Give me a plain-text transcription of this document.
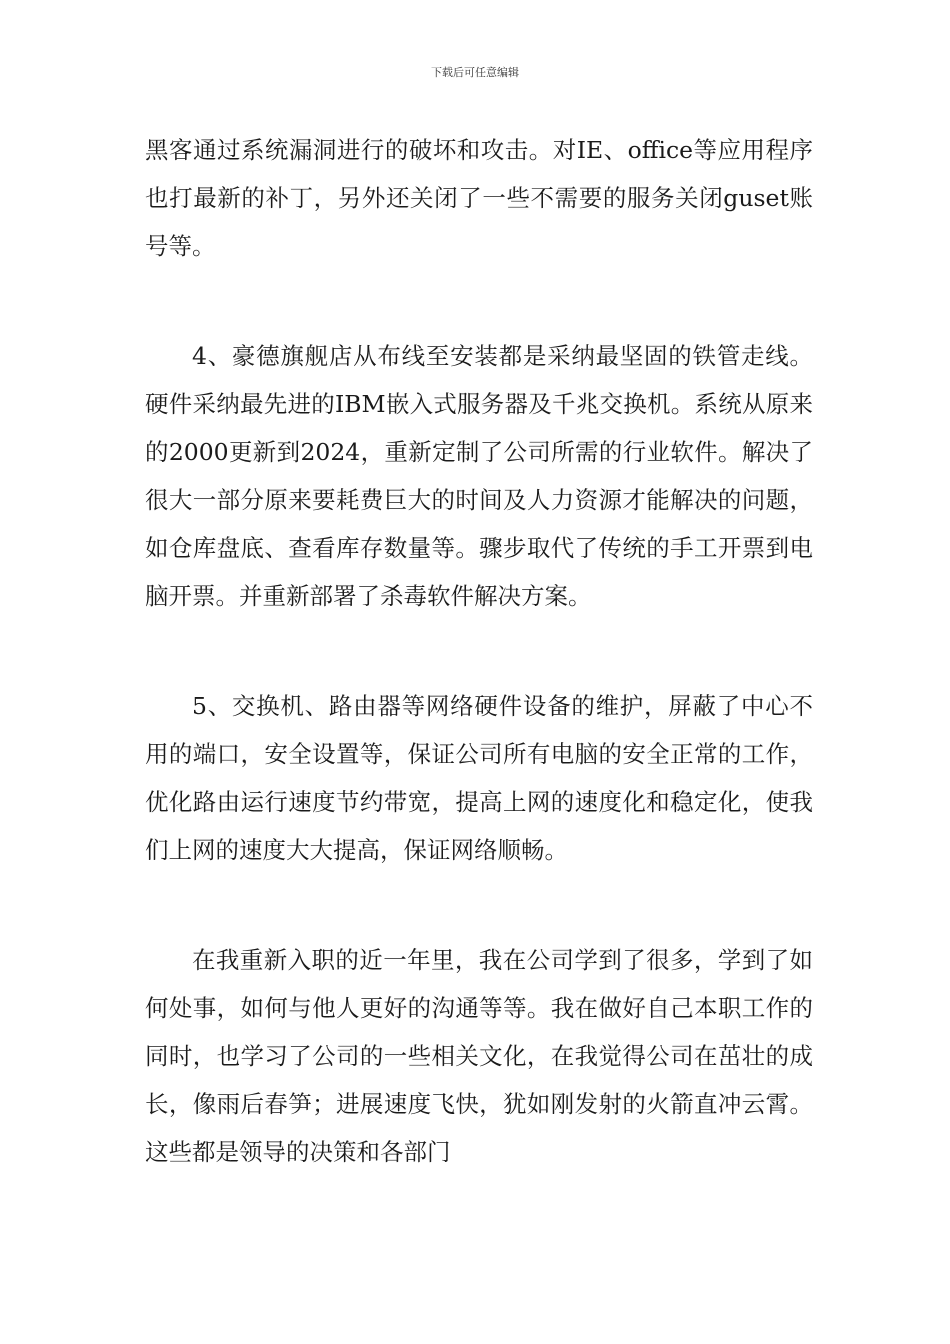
下载后可任意编辑

黑客通过系统漏洞进行的破坏和攻击。对IE、office等应用程序也打最新的补丁，另外还关闭了一些不需要的服务关闭guset账号等。

4、豪德旗舰店从布线至安装都是采纳最坚固的铁管走线。硬件采纳最先进的IBM嵌入式服务器及千兆交换机。系统从原来的2000更新到2024，重新定制了公司所需的行业软件。解决了很大一部分原来要耗费巨大的时间及人力资源才能解决的问题，如仓库盘底、查看库存数量等。骤步取代了传统的手工开票到电脑开票。并重新部署了杀毒软件解决方案。

5、交换机、路由器等网络硬件设备的维护，屏蔽了中心不用的端口，安全设置等，保证公司所有电脑的安全正常的工作，优化路由运行速度节约带宽，提高上网的速度化和稳定化，使我们上网的速度大大提高，保证网络顺畅。

在我重新入职的近一年里，我在公司学到了很多，学到了如何处事，如何与他人更好的沟通等等。我在做好自己本职工作的同时，也学习了公司的一些相关文化，在我觉得公司在茁壮的成长，像雨后春笋；进展速度飞快，犹如刚发射的火箭直冲云霄。这些都是领导的决策和各部门
